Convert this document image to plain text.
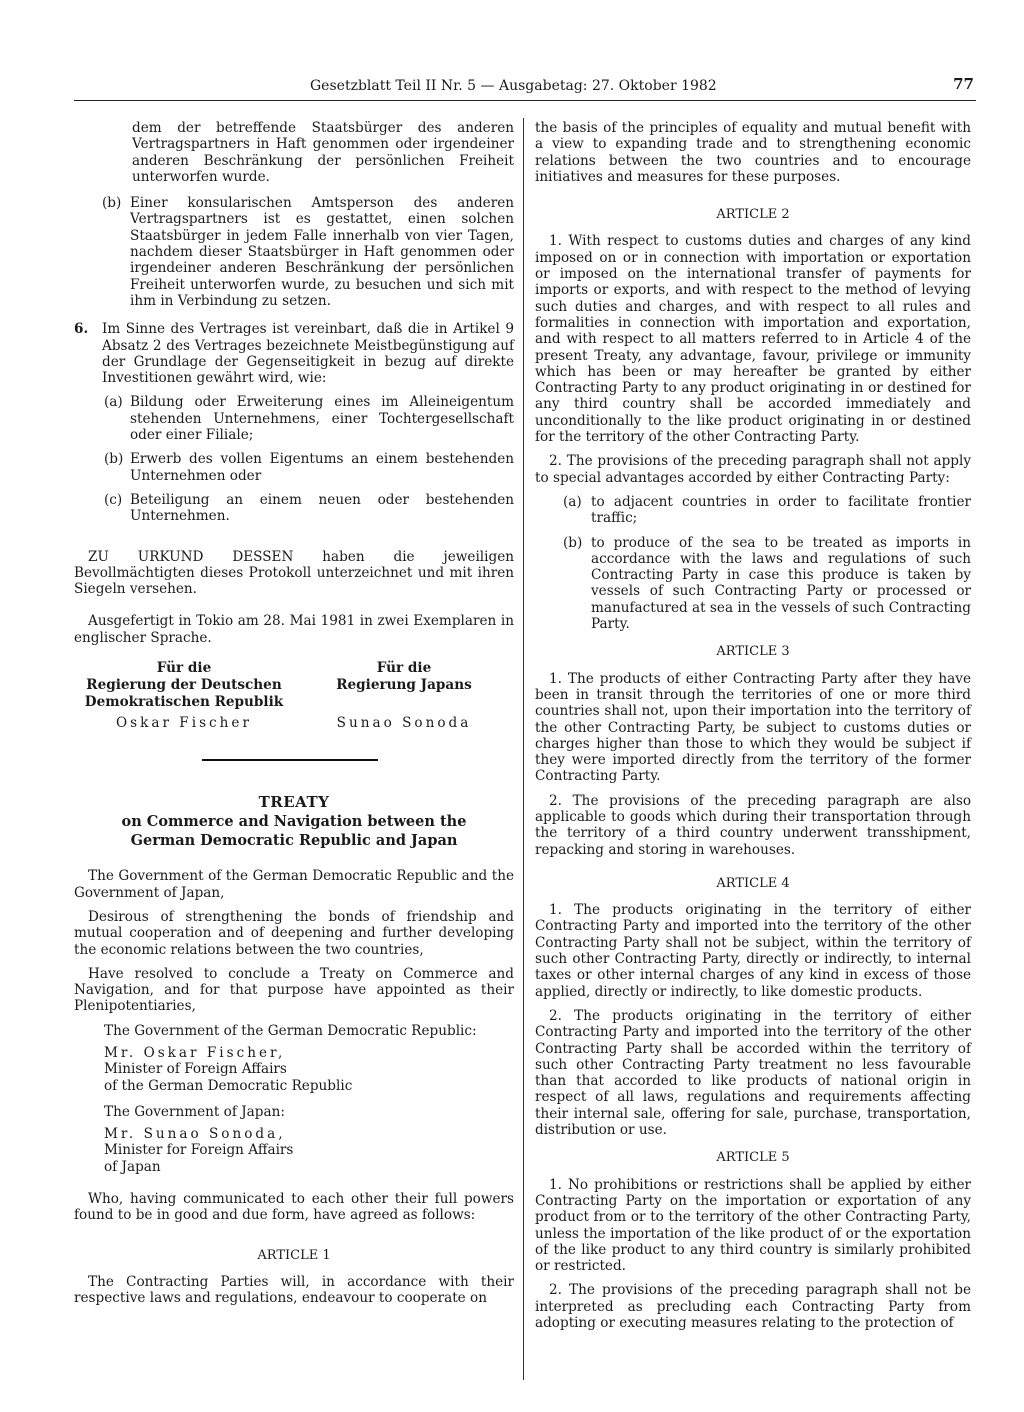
Gesetzblatt Teil II Nr. 5 — Ausgabetag: 27. Oktober 1982	77

dem der betreffende Staatsbürger des anderen Vertragspartners in Haft genommen oder irgendeiner anderen Beschränkung der persönlichen Freiheit unterworfen wurde.

(b) Einer konsularischen Amtsperson des anderen Vertragspartners ist es gestattet, einen solchen Staatsbürger in jedem Falle innerhalb von vier Tagen, nachdem dieser Staatsbürger in Haft genommen oder irgendeiner anderen Beschränkung der persönlichen Freiheit unterworfen wurde, zu besuchen und sich mit ihm in Verbindung zu setzen.
6.	Im Sinne des Vertrages ist vereinbart, daß die in Artikel 9 Absatz 2 des Vertrages bezeichnete Meistbegünstigung auf der Grundlage der Gegenseitigkeit in bezug auf direkte Investitionen gewährt wird, wie:
(a) Bildung oder Erweiterung eines im Alleineigentum stehenden Unternehmens, einer Tochtergesellschaft oder einer Filiale;
(b) Erwerb des vollen Eigentums an einem bestehenden Unternehmen oder
(c) Beteiligung an einem neuen oder bestehenden Unternehmen.

ZU URKUND DESSEN haben die jeweiligen Bevollmächtigten dieses Protokoll unterzeichnet und mit ihren Siegeln versehen.

Ausgefertigt in Tokio am 28. Mai 1981 in zwei Exemplaren in englischer Sprache.

Für die
Regierung der Deutschen
Demokratischen Republik
Oskar Fischer
Für die
Regierung Japans
Sunao Sonoda
TREATY
on Commerce and Navigation between the
German Democratic Republic and Japan

The Government of the German Democratic Republic and the Government of Japan,

Desirous of strengthening the bonds of friendship and mutual cooperation and of deepening and further developing the economic relations between the two countries,

Have resolved to conclude a Treaty on Commerce and Navigation, and for that purpose have appointed as their Plenipotentiaries,

The Government of the German Democratic Republic:
Mr. Oskar Fischer,
Minister of Foreign Affairs
of the German Democratic Republic
The Government of Japan:
Mr. Sunao Sonoda,
Minister for Foreign Affairs
of Japan

Who, having communicated to each other their full powers found to be in good and due form, have agreed as follows:

ARTICLE 1

The Contracting Parties will, in accordance with their respective laws and regulations, endeavour to cooperate on

the basis of the principles of equality and mutual benefit with a view to expanding trade and to strengthening economic relations between the two countries and to encourage initiatives and measures for these purposes.

ARTICLE 2

1. With respect to customs duties and charges of any kind imposed on or in connection with importation or exportation or imposed on the international transfer of payments for imports or exports, and with respect to the method of levying such duties and charges, and with respect to all rules and formalities in connection with importation and exportation, and with respect to all matters referred to in Article 4 of the present Treaty, any advantage, favour, privilege or immunity which has been or may hereafter be granted by either Contracting Party to any product originating in or destined for any third country shall be accorded immediately and unconditionally to the like product originating in or destined for the territory of the other Contracting Party.

2. The provisions of the preceding paragraph shall not apply to special advantages accorded by either Contracting Party:

(a) to adjacent countries in order to facilitate frontier traffic;
(b) to produce of the sea to be treated as imports in accordance with the laws and regulations of such Contracting Party in case this produce is taken by vessels of such Contracting Party or processed or manufactured at sea in the vessels of such Contracting Party.
ARTICLE 3

1. The products of either Contracting Party after they have been in transit through the territories of one or more third countries shall not, upon their importation into the territory of the other Contracting Party, be subject to customs duties or charges higher than those to which they would be subject if they were imported directly from the territory of the former Contracting Party.

2. The provisions of the preceding paragraph are also applicable to goods which during their transportation through the territory of a third country underwent transshipment, repacking and storing in warehouses.

ARTICLE 4

1. The products originating in the territory of either Contracting Party and imported into the territory of the other Contracting Party shall not be subject, within the territory of such other Contracting Party, directly or indirectly, to internal taxes or other internal charges of any kind in excess of those applied, directly or indirectly, to like domestic products.

2. The products originating in the territory of either Contracting Party and imported into the territory of the other Contracting Party shall be accorded within the territory of such other Contracting Party treatment no less favourable than that accorded to like products of national origin in respect of all laws, regulations and requirements affecting their internal sale, offering for sale, purchase, transportation, distribution or use.

ARTICLE 5

1. No prohibitions or restrictions shall be applied by either Contracting Party on the importation or exportation of any product from or to the territory of the other Contracting Party, unless the importation of the like product of or the exportation of the like product to any third country is similarly prohibited or restricted.

2. The provisions of the preceding paragraph shall not be interpreted as precluding each Contracting Party from adopting or executing measures relating to the protection of
